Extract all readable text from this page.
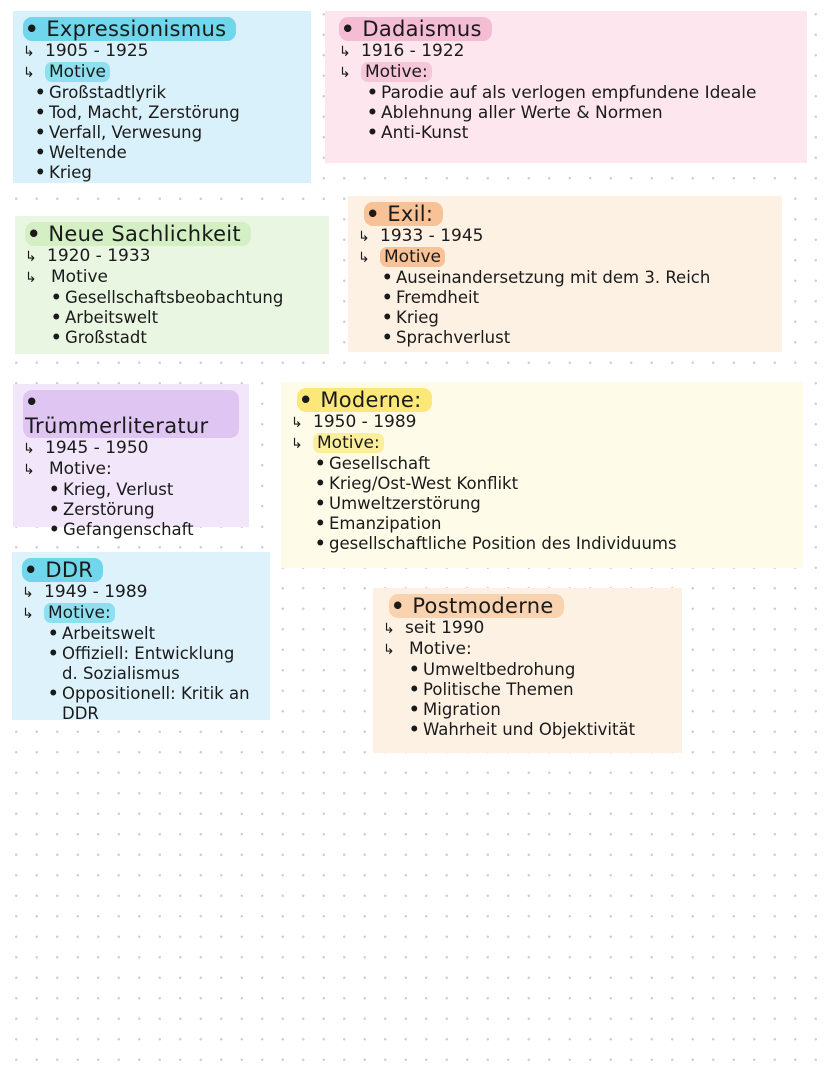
• Expressionismus
↳ 1905 - 1925
↳ Motive
• Großstadtlyrik
• Tod, Macht, Zerstörung
• Verfall, Verwesung
• Weltende
• Krieg
• Dadaismus
↳ 1916 - 1922
↳ Motive:
• Parodie auf als verlogen empfundene Ideale
• Ablehnung aller Werte & Normen
• Anti-Kunst
• Neue Sachlichkeit
↳ 1920 - 1933
↳ Motive
• Gesellschaftsbeobachtung
• Arbeitswelt
• Großstadt
• Exil:
↳ 1933 - 1945
↳ Motive
• Auseinandersetzung mit dem 3. Reich
• Fremdheit
• Krieg
• Sprachverlust
• Trümmerliteratur
↳ 1945 - 1950
↳ Motive:
• Krieg, Verlust
• Zerstörung
• Gefangenschaft
• Moderne:
↳ 1950 - 1989
↳ Motive:
• Gesellschaft
• Krieg/Ost-West Konflikt
• Umweltzerstörung
• Emanzipation
• gesellschaftliche Position des Individuums
• DDR
↳ 1949 - 1989
↳ Motive:
• Arbeitswelt
• Offiziell: Entwicklung d. Sozialismus
• Oppositionell: Kritik an DDR
• Postmoderne
↳ seit 1990
↳ Motive:
• Umweltbedrohung
• Politische Themen
• Migration
• Wahrheit und Objektivität
